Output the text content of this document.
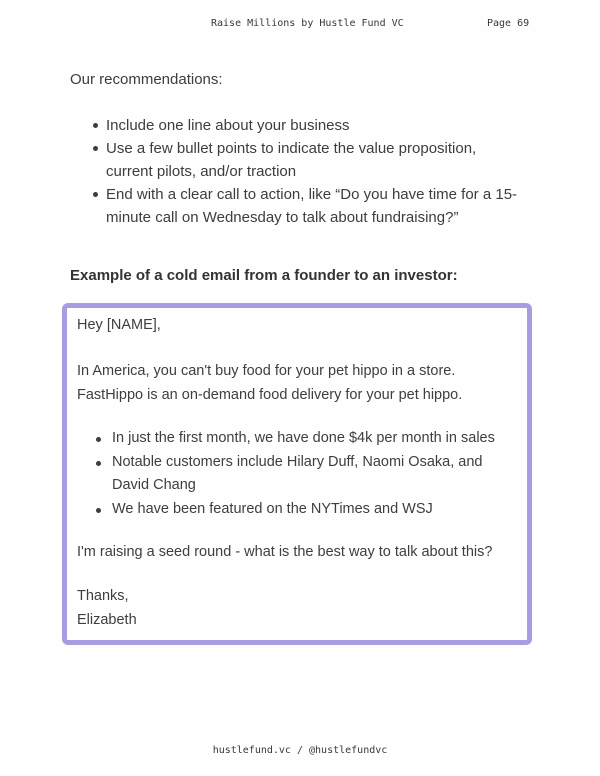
Raise Millions by Hustle Fund VC	Page 69
Our recommendations:
Include one line about your business
Use a few bullet points to indicate the value proposition,
current pilots, and/or traction
End with a clear call to action, like “Do you have time for a 15-
minute call on Wednesday to talk about fundraising?”
Example of a cold email from a founder to an investor:
Hey [NAME],
In America, you can't buy food for your pet hippo in a store.
FastHippo is an on-demand food delivery for your pet hippo.
In just the first month, we have done $4k per month in sales
Notable customers include Hilary Duff, Naomi Osaka, and
David Chang
We have been featured on the NYTimes and WSJ
I'm raising a seed round - what is the best way to talk about this?
Thanks,
Elizabeth
hustlefund.vc / @hustlefundvc
